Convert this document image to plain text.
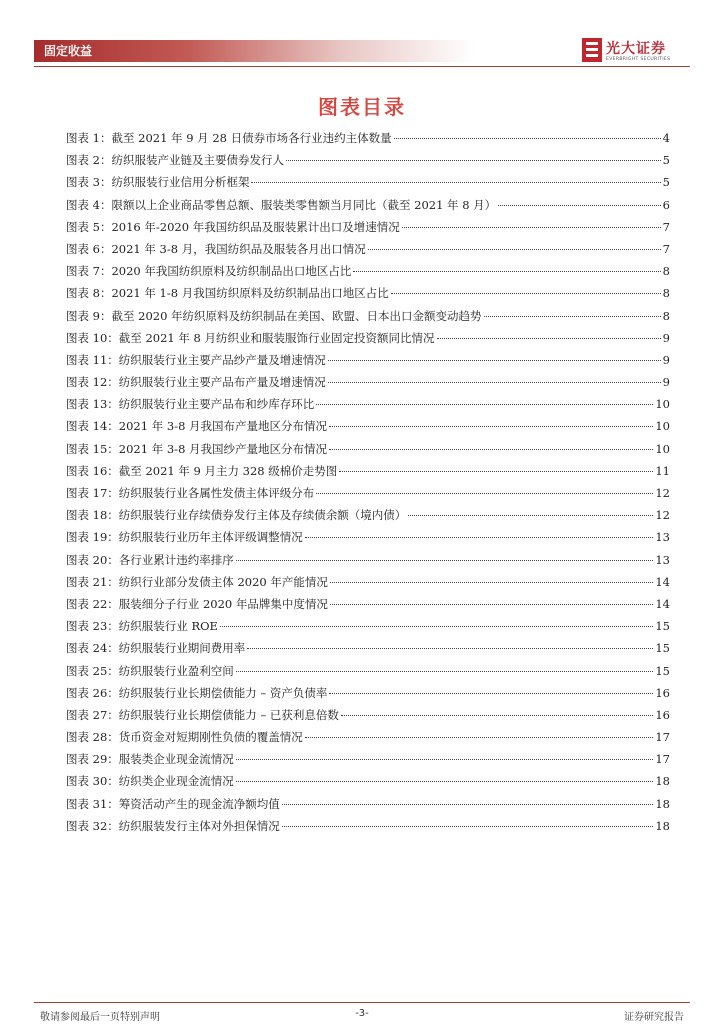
固定收益	光大证券
EVERBRIGHT SECURITIES
图表目录
图表 1：截至 2021 年 9 月 28 日债券市场各行业违约主体数量	4
图表 2：纺织服装产业链及主要债券发行人	5
图表 3：纺织服装行业信用分析框架	5
图表 4：限额以上企业商品零售总额、服装类零售额当月同比（截至 2021 年 8 月）	6
图表 5：2016 年-2020 年我国纺织品及服装累计出口及增速情况	7
图表 6：2021 年 3-8 月，我国纺织品及服装各月出口情况	7
图表 7：2020 年我国纺织原料及纺织制品出口地区占比	8
图表 8：2021 年 1-8 月我国纺织原料及纺织制品出口地区占比	8
图表 9：截至 2020 年纺织原料及纺织制品在美国、欧盟、日本出口金额变动趋势	8
图表 10：截至 2021 年 8 月纺织业和服装服饰行业固定投资额同比情况	9
图表 11：纺织服装行业主要产品纱产量及增速情况	9
图表 12：纺织服装行业主要产品布产量及增速情况	9
图表 13：纺织服装行业主要产品布和纱库存环比	10
图表 14：2021 年 3-8 月我国布产量地区分布情况	10
图表 15：2021 年 3-8 月我国纱产量地区分布情况	10
图表 16：截至 2021 年 9 月主力 328 级棉价走势图	11
图表 17：纺织服装行业各属性发债主体评级分布	12
图表 18：纺织服装行业存续债券发行主体及存续债余额（境内债）	12
图表 19：纺织服装行业历年主体评级调整情况	13
图表 20：各行业累计违约率排序	13
图表 21：纺织行业部分发债主体 2020 年产能情况	14
图表 22：服装细分子行业 2020 年品牌集中度情况	14
图表 23：纺织服装行业 ROE	15
图表 24：纺织服装行业期间费用率	15
图表 25：纺织服装行业盈利空间	15
图表 26：纺织服装行业长期偿债能力 – 资产负债率	16
图表 27：纺织服装行业长期偿债能力 – 已获利息倍数	16
图表 28：货币资金对短期刚性负债的覆盖情况	17
图表 29：服装类企业现金流情况	17
图表 30：纺织类企业现金流情况	18
图表 31：筹资活动产生的现金流净额均值	18
图表 32：纺织服装发行主体对外担保情况	18
敬请参阅最后一页特别声明	-3-	证券研究报告
